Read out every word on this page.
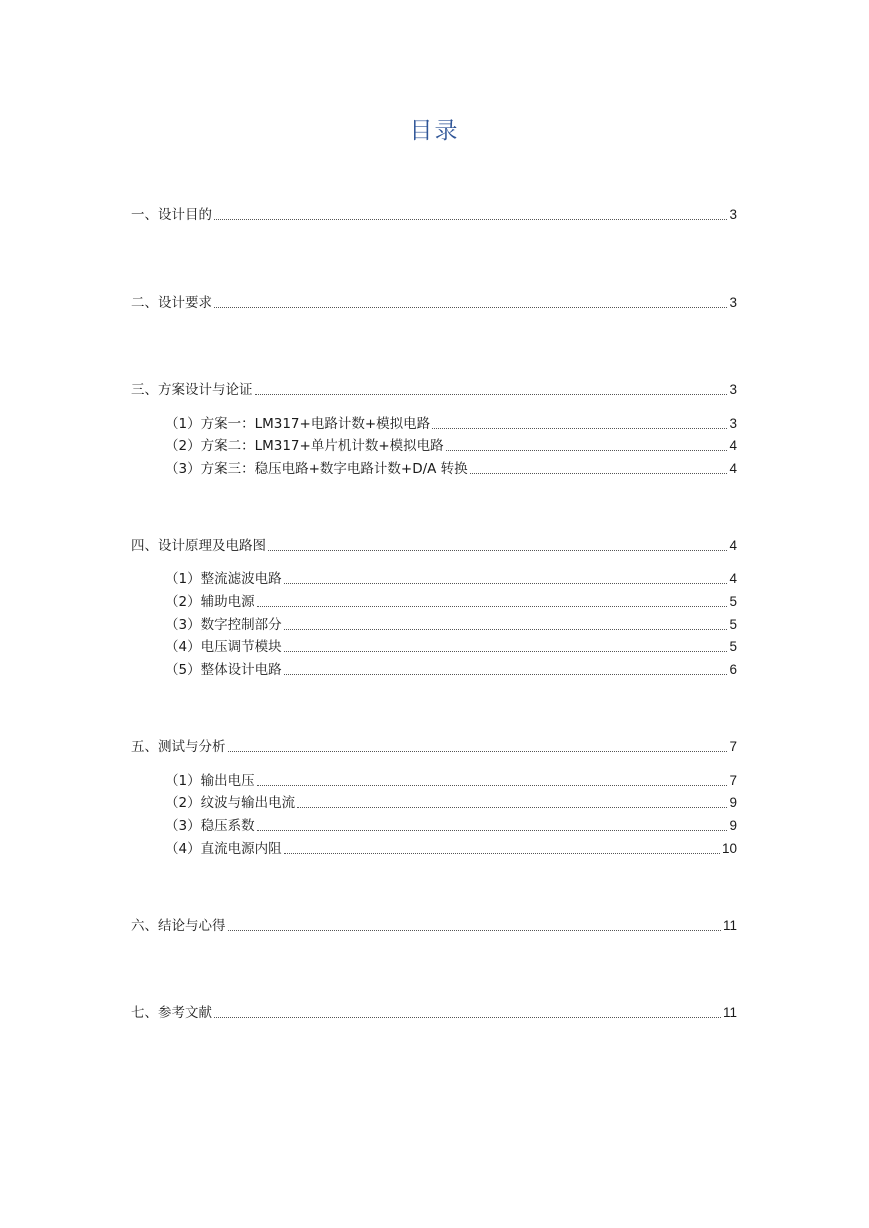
目录
一、设计目的	3
二、设计要求	3
三、方案设计与论证	3
（1）方案一：LM317+电路计数+模拟电路	3
（2）方案二：LM317+单片机计数+模拟电路	4
（3）方案三：稳压电路+数字电路计数+D/A 转换	4
四、设计原理及电路图	4
（1）整流滤波电路	4
（2）辅助电源	5
（3）数字控制部分	5
（4）电压调节模块	5
（5）整体设计电路	6
五、测试与分析	7
（1）输出电压	7
（2）纹波与输出电流	9
（3）稳压系数	9
（4）直流电源内阻	10
六、结论与心得	11
七、参考文献	11
